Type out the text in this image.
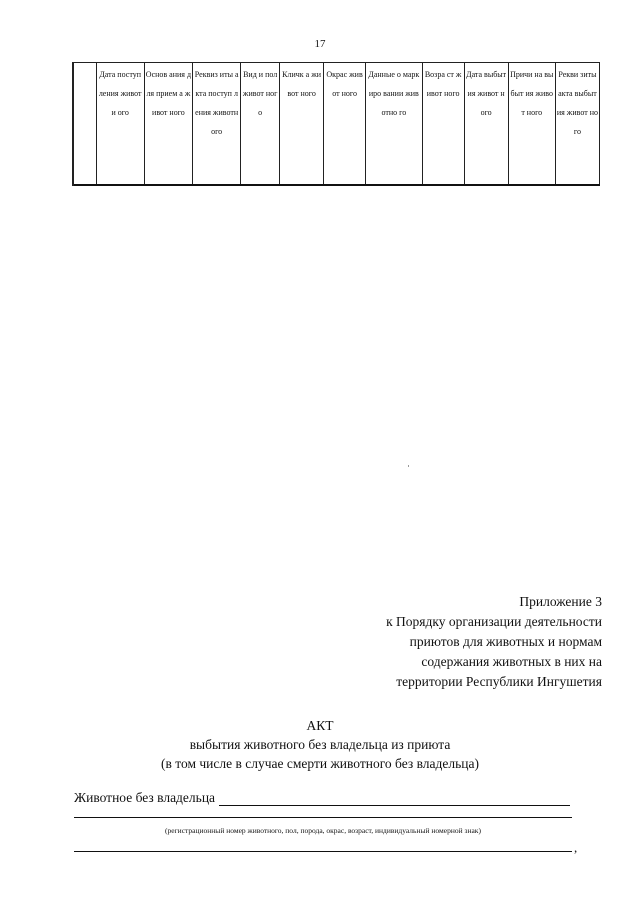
17
	Дата поступ ления животи ого	Основ ания для прием а живот ного	Реквиз иты акта поступ ления животн ого	Вид и пол живот ного	Кличк а живот ного	Окрас живот ного	Данные о маркиро вании животно го	Возра ст живот ного	Дата выбыт ия живот ного	Причи на выбыт ия живот ного	Рекви зиты акта выбыт ия живот ного
Приложение 3
к Порядку организации деятельности
приютов для животных и нормам
содержания животных в них на
территории Республики Ингушетия
АКТ
выбытия животного без владельца из приюта
(в том числе в случае смерти животного без владельца)
Животное без владельца
(регистрационный номер животного, пол, порода, окрас, возраст, индивидуальный номерной знак)
,
